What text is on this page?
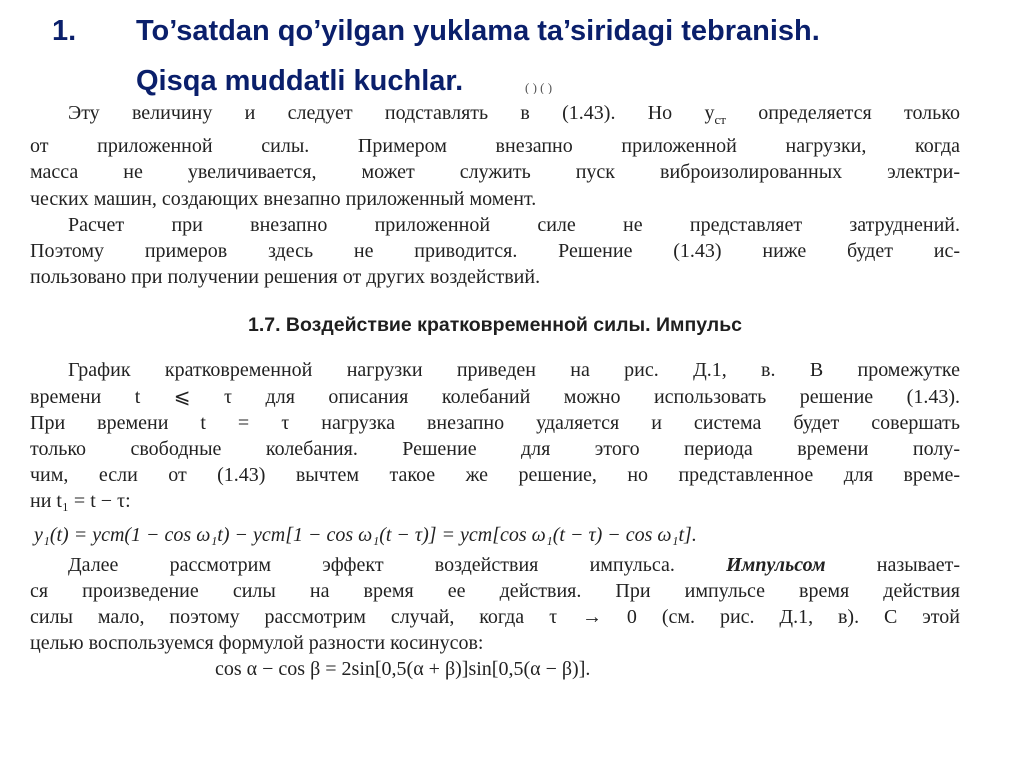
1. To’satdan qo’yilgan yuklama ta’siridagi tebranish.
Qisqa muddatli kuchlar.	( ) ( )
Эту величину и следует подставлять в (1.43). Но $y_{ст}$ определяется только
от приложенной силы. Примером внезапно приложенной нагрузки, когда
масса не увеличивается, может служить пуск виброизолированных электри-
ческих машин, создающих внезапно приложенный момент.
Расчет при внезапно приложенной силе не представляет затруднений.
Поэтому примеров здесь не приводится. Решение (1.43) ниже будет ис-
пользовано при получении решения от других воздействий.
1.7. Воздействие кратковременной силы. Импульс
График кратковременной нагрузки приведен на рис. Д.1, в. В промежутке
времени t ⩽ τ для описания колебаний можно использовать решение (1.43).
При времени t = τ нагрузка внезапно удаляется и система будет совершать
только свободные колебания. Решение для этого периода времени полу-
чим, если от (1.43) вычтем такое же решение, но представленное для време-
ни t₁ = t − τ:
y₁(t) = yст(1 − cos ω₁t) − yст[1 − cos ω₁(t − τ)] = yст[cos ω₁(t − τ) − cos ω₁t].
Далее рассмотрим эффект воздействия импульса. Импульсом называет-
ся произведение силы на время ее действия. При импульсе время действия
силы мало, поэтому рассмотрим случай, когда τ → 0 (см. рис. Д.1, в). С этой
целью воспользуемся формулой разности косинусов:
cos α − cos β = 2sin[0,5(α + β)]sin[0,5(α − β)].
